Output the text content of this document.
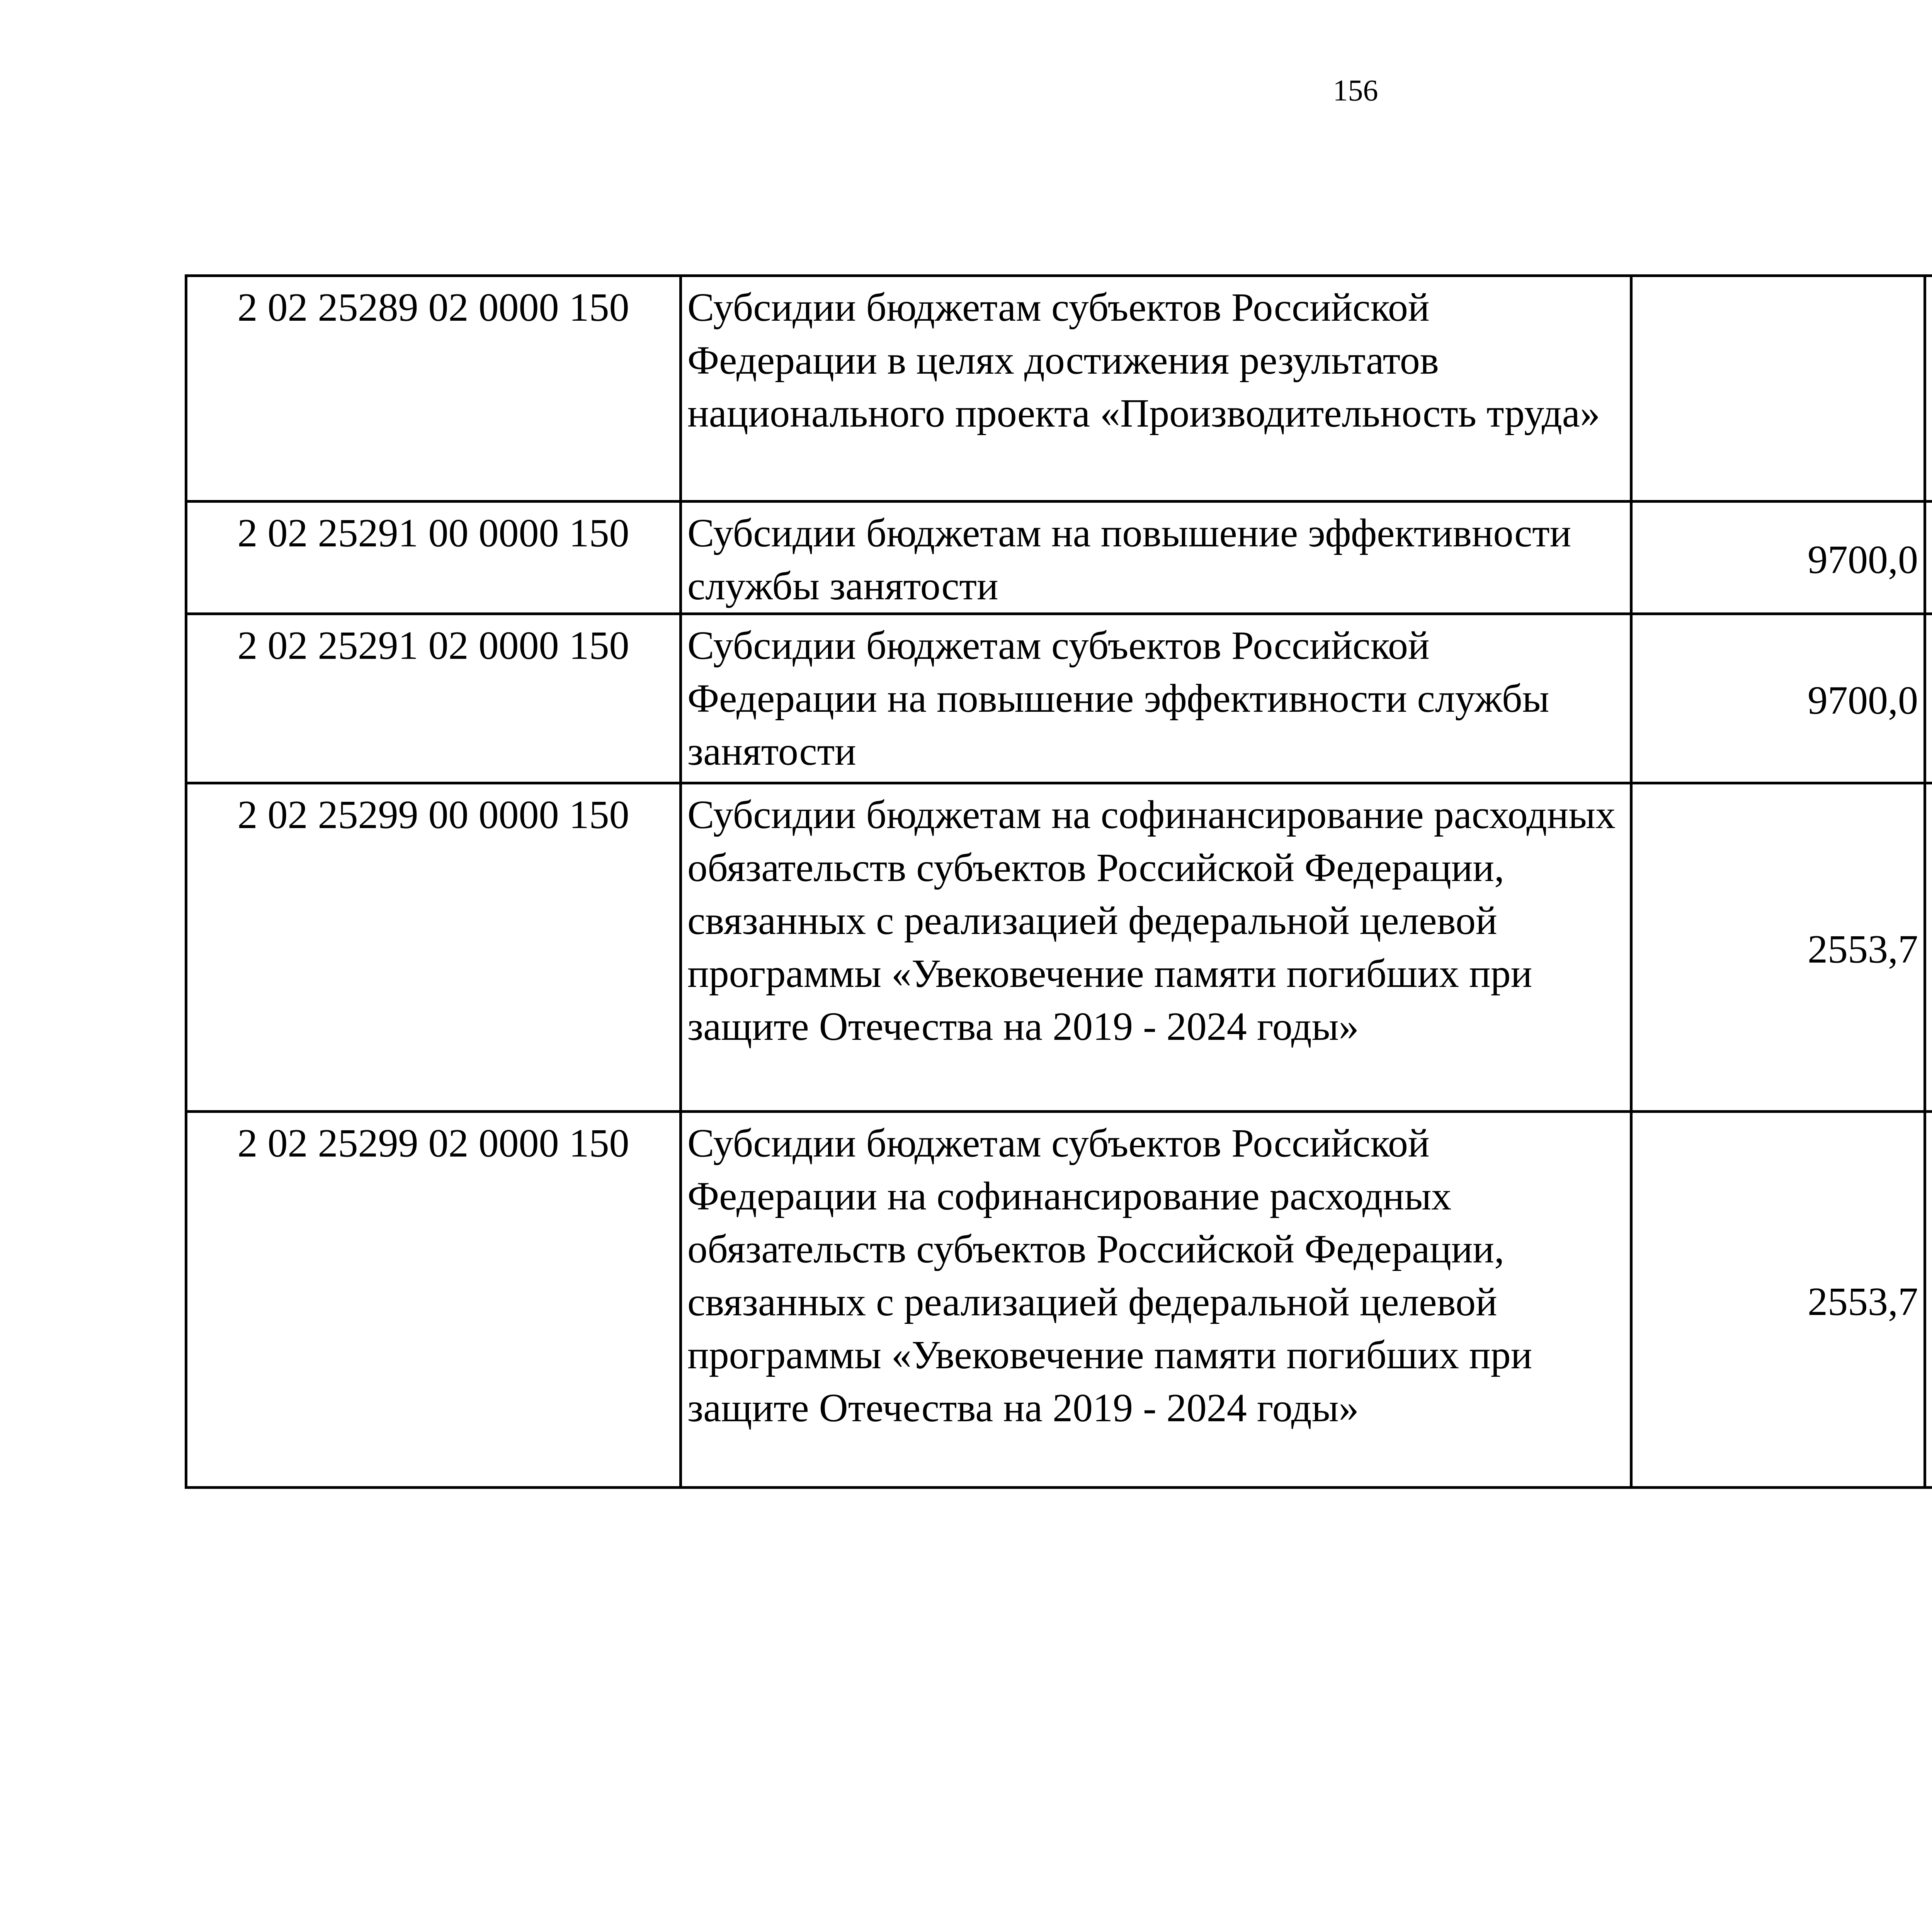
156
2 02 25289 02 0000 150	Субсидии бюджетам субъектов Российской Федерации в целях достижения результатов национального проекта «Производительность труда»			
2 02 25291 00 0000 150	Субсидии бюджетам на повышение эффективности службы занятости	9700,0		
2 02 25291 02 0000 150	Субсидии бюджетам субъектов Российской Федерации на повышение эффективности службы занятости	9700,0		
2 02 25299 00 0000 150	Субсидии бюджетам на софинансирование расходных обязательств субъектов Российской Федерации, связанных с реализацией федеральной целевой программы «Увековечение памяти погибших при защите Отечества на 2019 - 2024 годы»	2553,7		
2 02 25299 02 0000 150	Субсидии бюджетам субъектов Российской Федерации на софинансирование расходных обязательств субъектов Российской Федерации, связанных с реализацией федеральной целевой программы «Увековечение памяти погибших при защите Отечества на 2019 - 2024 годы»	2553,7		
